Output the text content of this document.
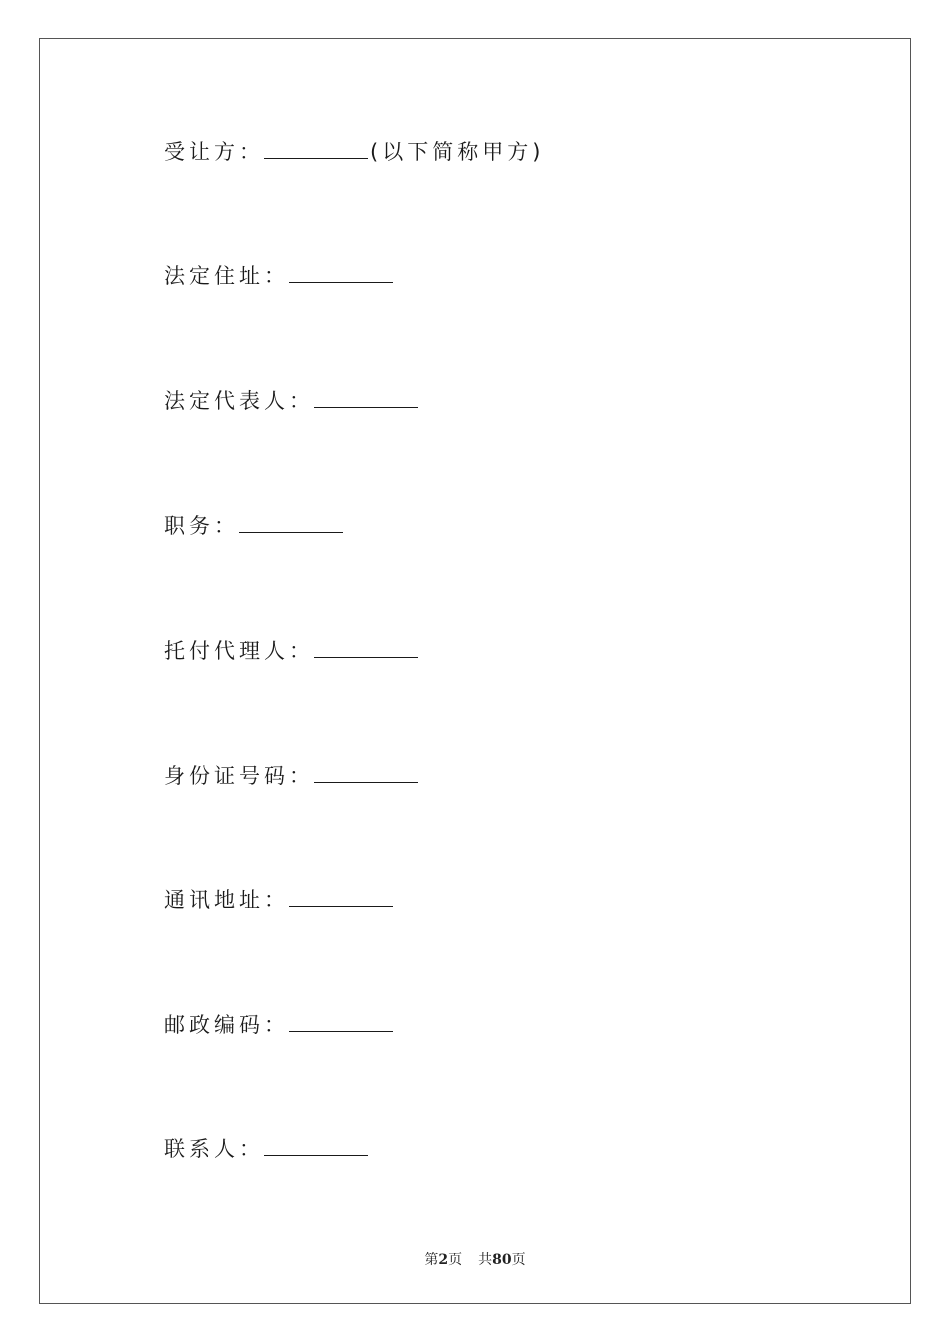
受让方：	(以下简称甲方)
法定住址：
法定代表人：
职务：
托付代理人：
身份证号码：
通讯地址：
邮政编码：
联系人：
第2页 共80页
